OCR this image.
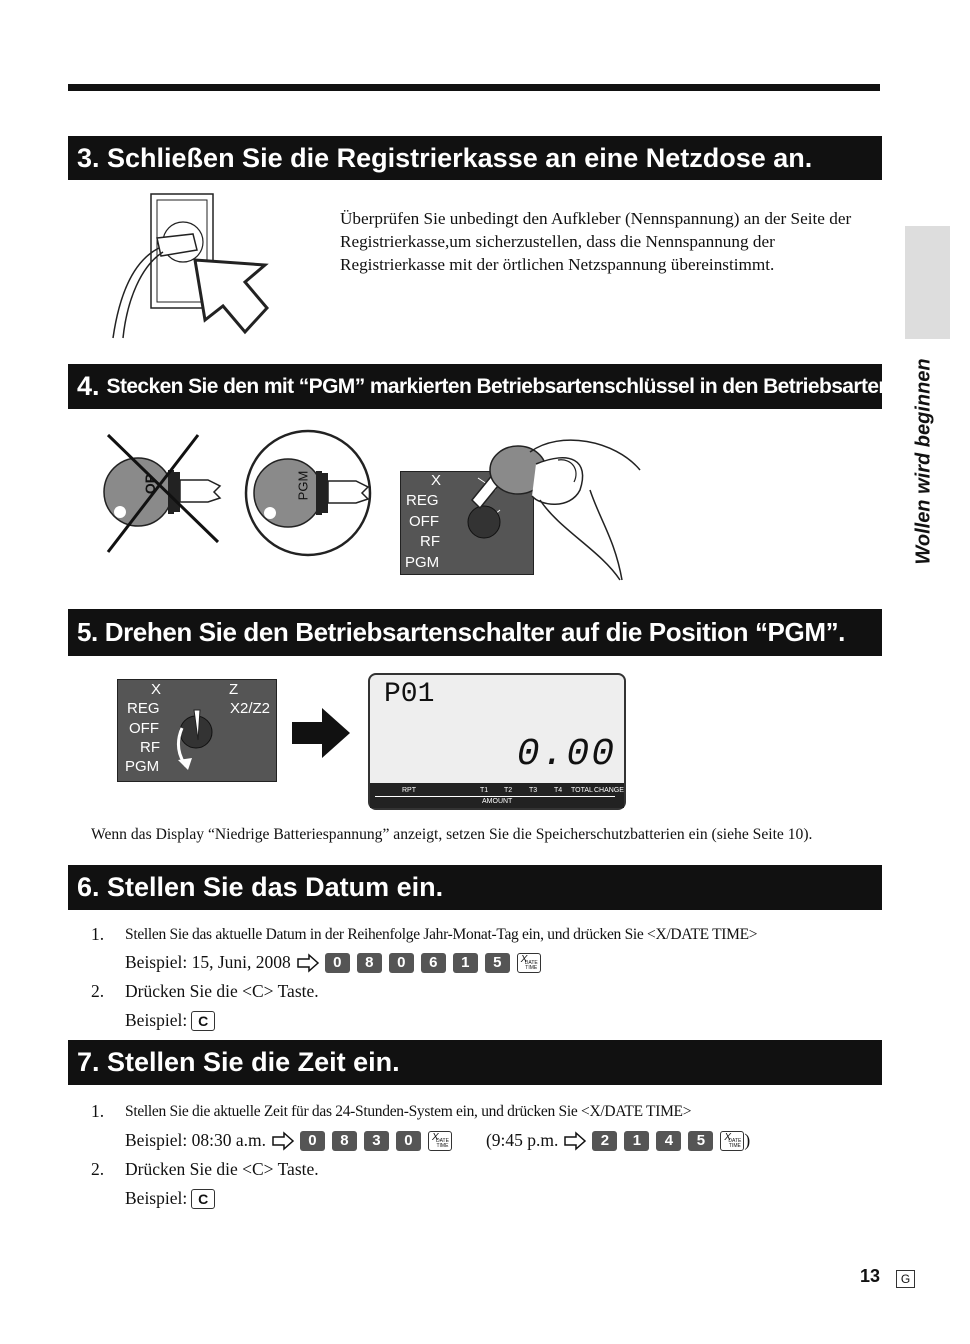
3. Schließen Sie die Registrierkasse an eine Netzdose an.
Überprüfen Sie unbedingt den Aufkleber (Nennspannung) an der Seite der Registrierkasse,um sicherzustellen, dass die Nennspannung der Registrierkasse mit der örtlichen Netzspannung übereinstimmt.
4. Stecken Sie den mit “PGM” markierten Betriebsartenschlüssel in den Betriebsartenschalter.
OP	PGM	X
REG
OFF
RF
PGM
5. Drehen Sie den Betriebsartenschalter auf die Position “PGM”.
X
REG
OFF
RF
PGM
Z
X2/Z2	P01
0.00
RPT	T1 T2 T3 T4 TOTAL CHANGE
AMOUNT
Wenn das Display “Niedrige Batteriespannung” anzeigt, setzen Sie die Speicherschutzbatterien ein (siehe Seite 10).
6. Stellen Sie das Datum ein.
1.	Stellen Sie das aktuelle Datum in der Reihenfolge Jahr-Monat-Tag ein, und drücken Sie <X/DATE TIME>
Beispiel: 15, Juni, 2008	0	8	0	6	1	5	X
DATE
TIME
2.	Drücken Sie die <C> Taste.
Beispiel: C
7. Stellen Sie die Zeit ein.
1.	Stellen Sie die aktuelle Zeit für das 24-Stunden-System ein, und drücken Sie <X/DATE TIME>
Beispiel: 08:30 a.m.	0	8	3	0	X
DATE
TIME (9:45 p.m.	2	1	4	5	X
DATE
TIME )
2.	Drücken Sie die <C> Taste.
Beispiel: C
Wollen wird beginnen
13	G
